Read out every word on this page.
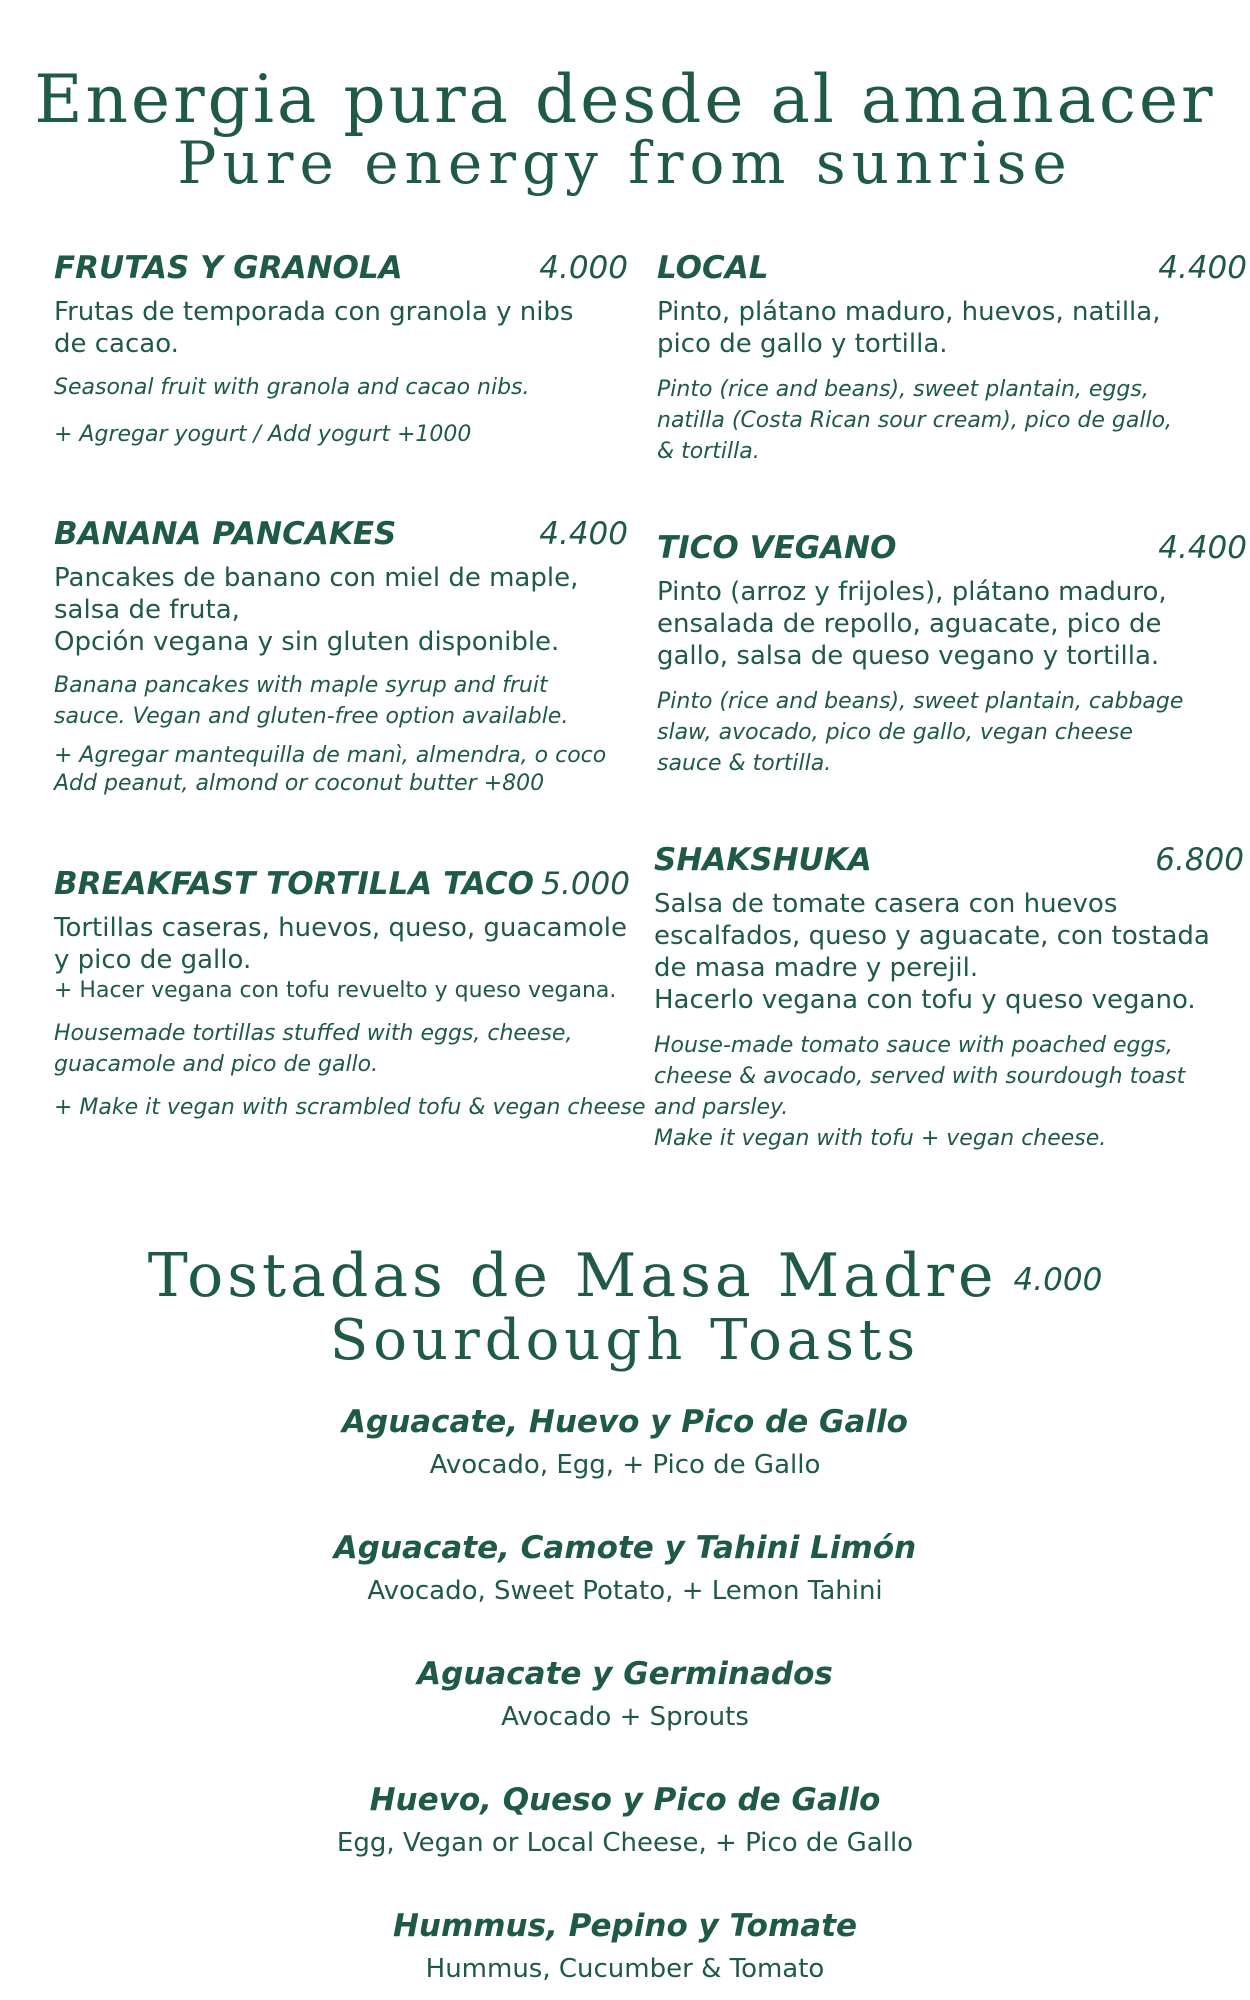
Energia pura desde al amanacer
Pure energy from sunrise
FRUTAS Y GRANOLA	4.000
Frutas de temporada con granola y nibs
de cacao.
Seasonal fruit with granola and cacao nibs.
+ Agregar yogurt / Add yogurt +1000
BANANA PANCAKES	4.400
Pancakes de banano con miel de maple,
salsa de fruta,
Opción vegana y sin gluten disponible.
Banana pancakes with maple syrup and fruit
sauce. Vegan and gluten-free option available.
+ Agregar mantequilla de manì, almendra, o coco
Add peanut, almond or coconut butter +800
BREAKFAST TORTILLA TACO 5.000
Tortillas caseras, huevos, queso, guacamole
y pico de gallo.
+ Hacer vegana con tofu revuelto y queso vegana.
Housemade tortillas stuffed with eggs, cheese,
guacamole and pico de gallo.
+ Make it vegan with scrambled tofu & vegan cheese
LOCAL	4.400
Pinto, plátano maduro, huevos, natilla,
pico de gallo y tortilla.
Pinto (rice and beans), sweet plantain, eggs,
natilla (Costa Rican sour cream), pico de gallo,
& tortilla.
TICO VEGANO	4.400
Pinto (arroz y frijoles), plátano maduro,
ensalada de repollo, aguacate, pico de
gallo, salsa de queso vegano y tortilla.
Pinto (rice and beans), sweet plantain, cabbage
slaw, avocado, pico de gallo, vegan cheese
sauce & tortilla.
SHAKSHUKA	6.800
Salsa de tomate casera con huevos
escalfados, queso y aguacate, con tostada
de masa madre y perejil.
Hacerlo vegana con tofu y queso vegano.
House-made tomato sauce with poached eggs,
cheese & avocado, served with sourdough toast
and parsley.
Make it vegan with tofu + vegan cheese.
Tostadas de Masa Madre 4.000
Sourdough Toasts
Aguacate, Huevo y Pico de Gallo
Avocado, Egg, + Pico de Gallo
Aguacate, Camote y Tahini Limón
Avocado, Sweet Potato, + Lemon Tahini
Aguacate y Germinados
Avocado + Sprouts
Huevo, Queso y Pico de Gallo
Egg, Vegan or Local Cheese, + Pico de Gallo
Hummus, Pepino y Tomate
Hummus, Cucumber & Tomato
